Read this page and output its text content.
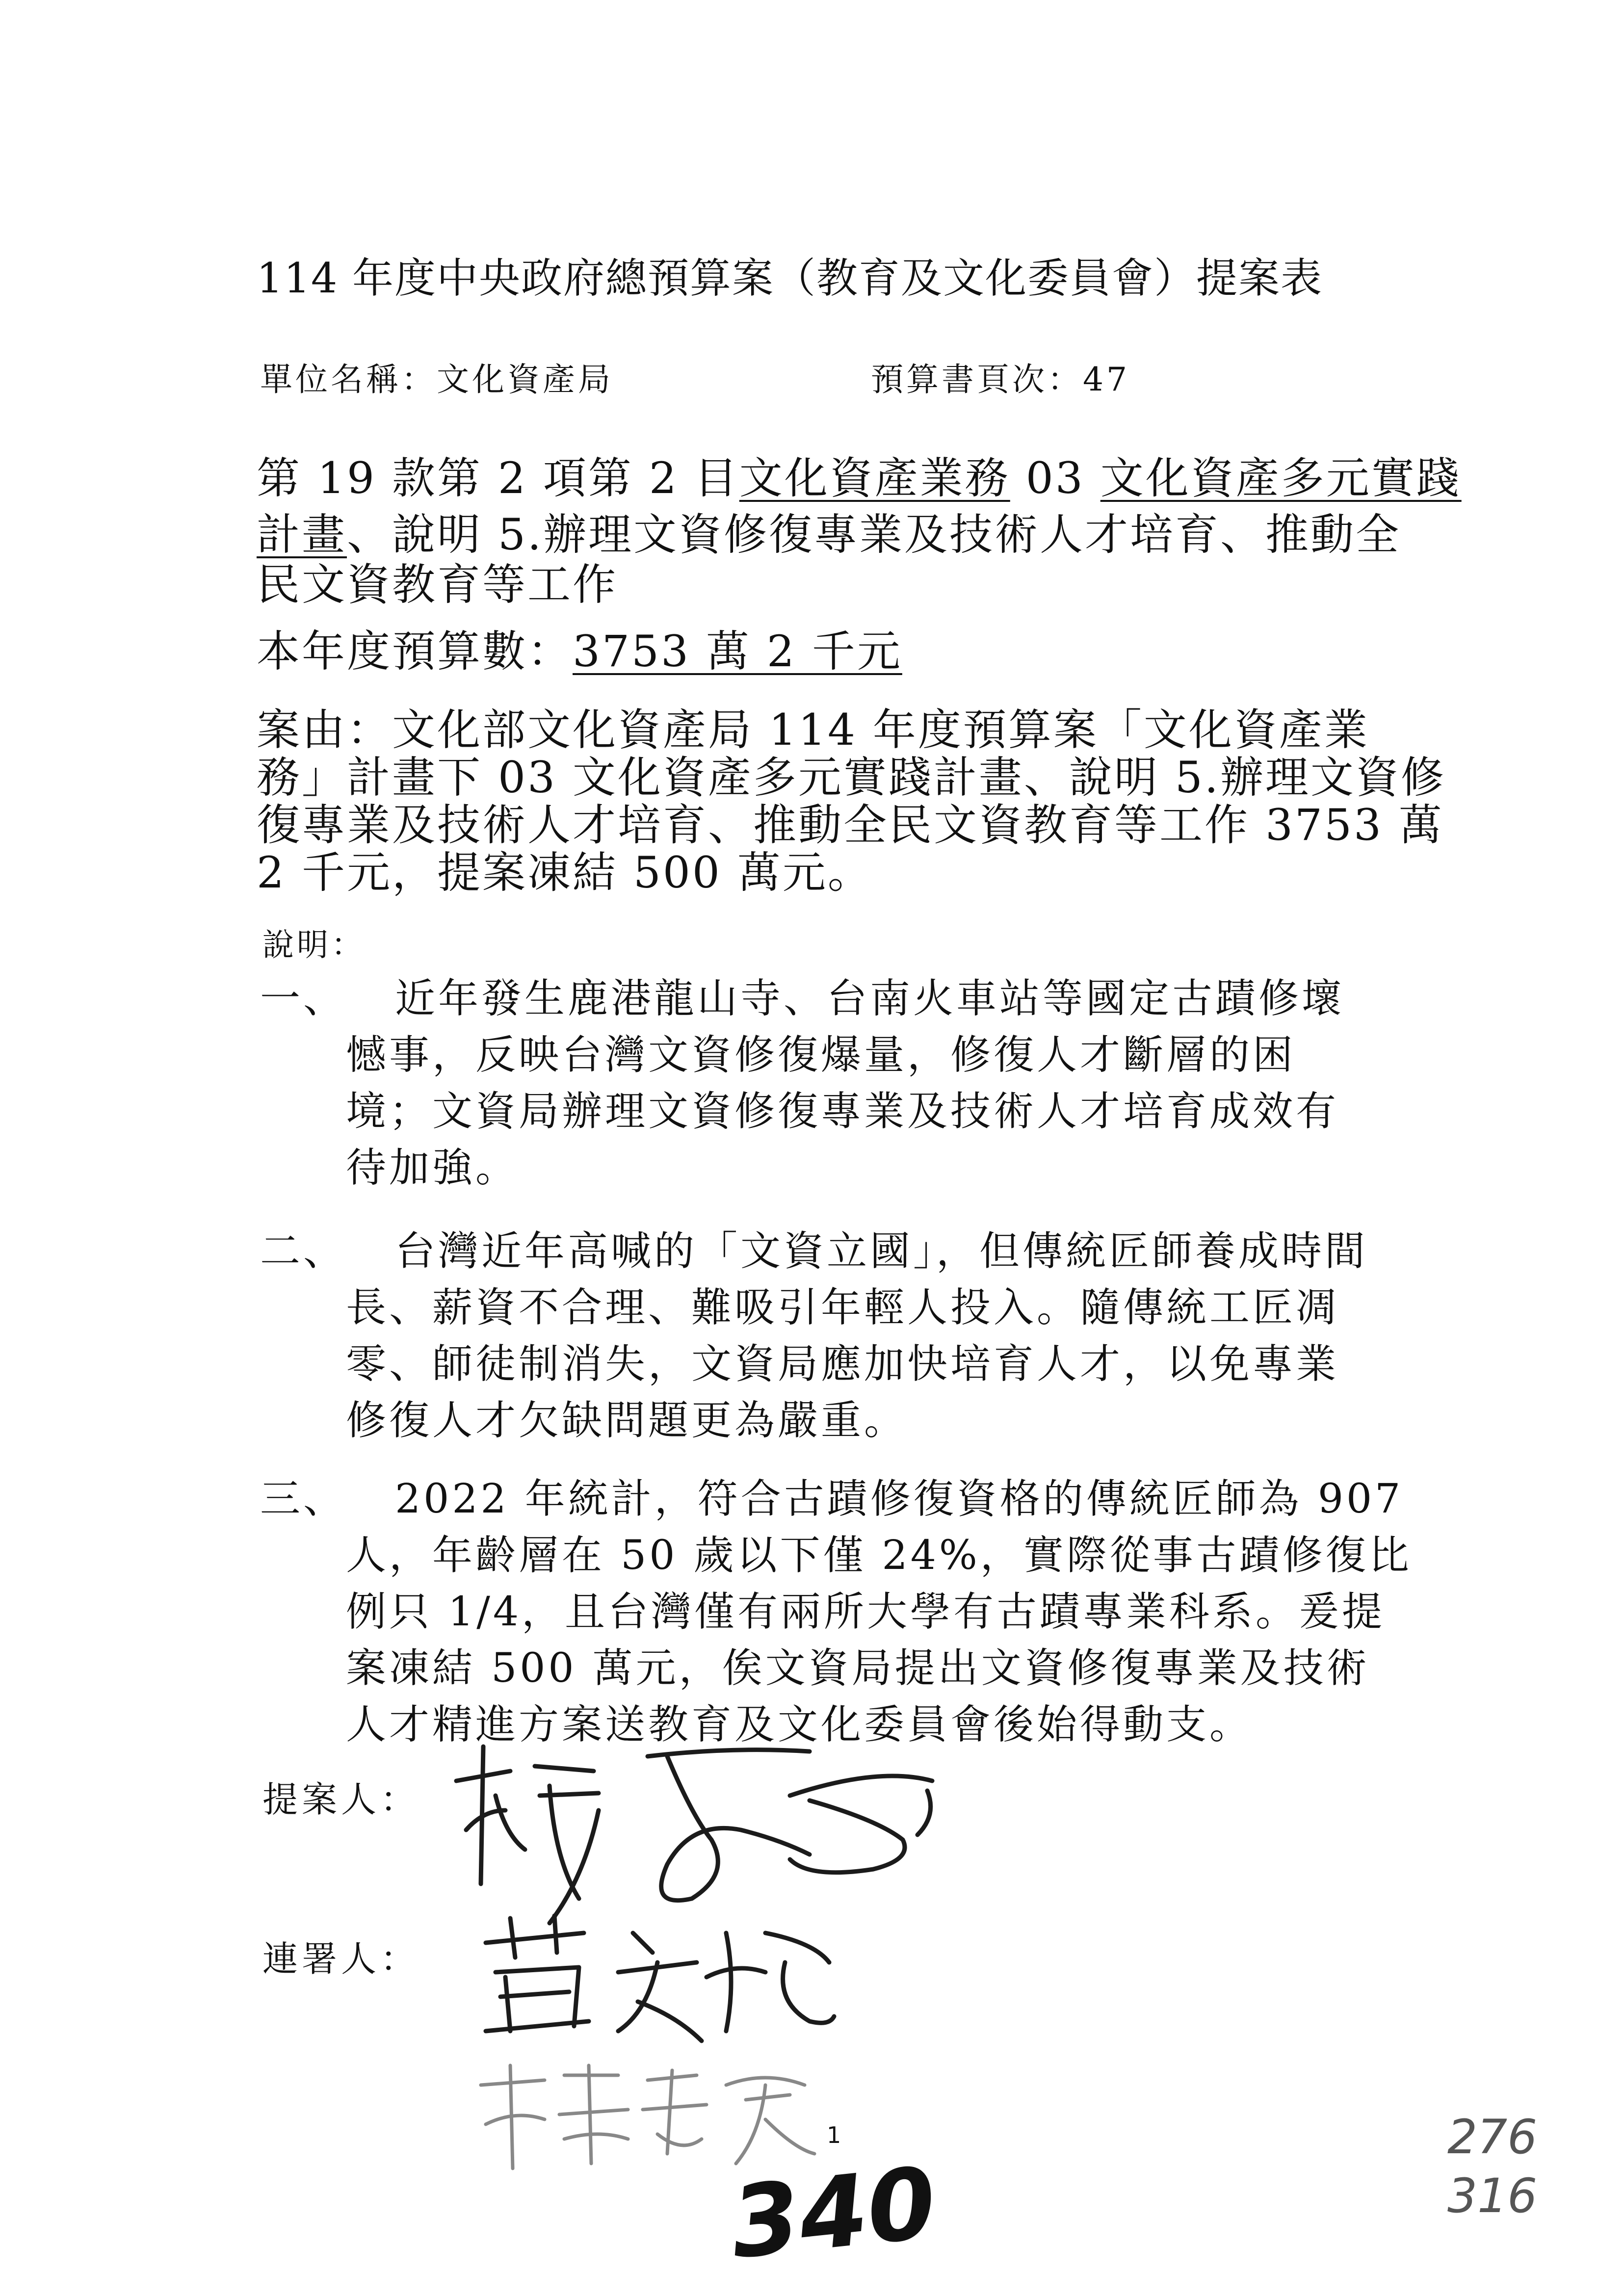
114 年度中央政府總預算案（教育及文化委員會）提案表
單位名稱：文化資產局	預算書頁次：47
第 19 款第 2 項第 2 目文化資產業務 03 文化資產多元實踐
計畫、說明 5.辦理文資修復專業及技術人才培育、推動全
民文資教育等工作
本年度預算數：3753 萬 2 千元
案由：文化部文化資產局 114 年度預算案「文化資產業
務」計畫下 03 文化資產多元實踐計畫、說明 5.辦理文資修
復專業及技術人才培育、推動全民文資教育等工作 3753 萬
2 千元，提案凍結 500 萬元。
說明：
一、 近年發生鹿港龍山寺、台南火車站等國定古蹟修壞
憾事，反映台灣文資修復爆量，修復人才斷層的困
境；文資局辦理文資修復專業及技術人才培育成效有
待加強。
二、 台灣近年高喊的「文資立國」，但傳統匠師養成時間
長、薪資不合理、難吸引年輕人投入。隨傳統工匠凋
零、師徒制消失，文資局應加快培育人才，以免專業
修復人才欠缺問題更為嚴重。
三、 2022 年統計，符合古蹟修復資格的傳統匠師為 907
人，年齡層在 50 歲以下僅 24%，實際從事古蹟修復比
例只 1/4，且台灣僅有兩所大學有古蹟專業科系。爰提
案凍結 500 萬元，俟文資局提出文資修復專業及技術
人才精進方案送教育及文化委員會後始得動支。
提案人：
連署人：
1
340
276
316
